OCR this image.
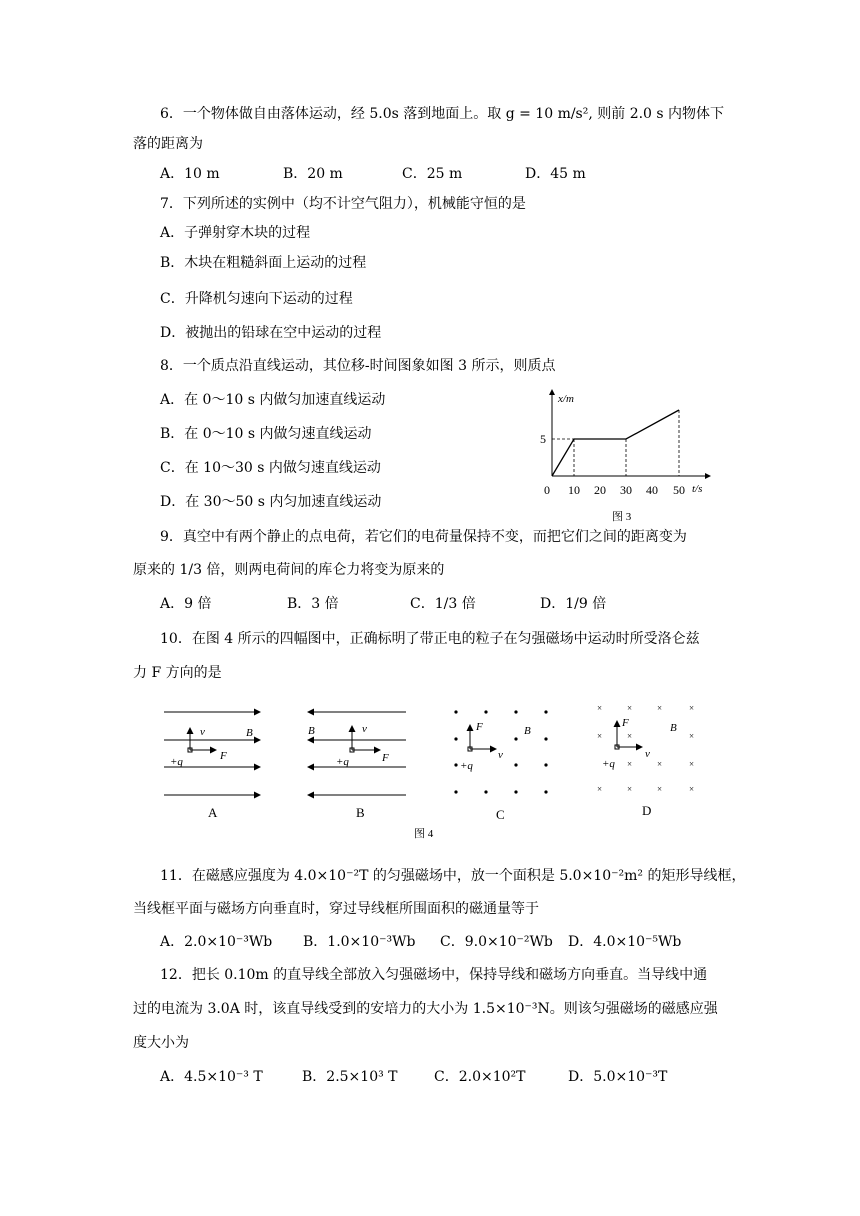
6．一个物体做自由落体运动，经 5.0s 落到地面上。取 g = 10 m/s², 则前 2.0 s 内物体下
落的距离为
A．10 m	B．20 m	C．25 m	D．45 m
7．下列所述的实例中（均不计空气阻力），机械能守恒的是
A．子弹射穿木块的过程
B．木块在粗糙斜面上运动的过程
C．升降机匀速向下运动的过程
D．被抛出的铅球在空中运动的过程
8．一个质点沿直线运动，其位移-时间图象如图 3 所示，则质点
A．在 0～10 s 内做匀加速直线运动
B．在 0～10 s 内做匀速直线运动
C．在 10～30 s 内做匀速直线运动
D．在 30～50 s 内匀加速直线运动
x/m
t/s
5
0 10 20 30 40 50
图 3
9．真空中有两个静止的点电荷，若它们的电荷量保持不变，而把它们之间的距离变为
原来的 1/3 倍，则两电荷间的库仑力将变为原来的
A．9 倍	B．3 倍	C．1/3 倍	D．1/9 倍
10．在图 4 所示的四幅图中，正确标明了带正电的粒子在匀强磁场中运动时所受洛仑兹
力 F 方向的是
v	B
F
+q
A
v
B
F
+q
B
F	B
v
+q
C
×	×	×	×
×	×	×
×	×	×
×	×	×	×
F	B
v
+q
D
图 4
11．在磁感应强度为 4.0×10⁻²T 的匀强磁场中，放一个面积是 5.0×10⁻²m² 的矩形导线框，
当线框平面与磁场方向垂直时，穿过导线框所围面积的磁通量等于
A．2.0×10⁻³Wb B．1.0×10⁻³Wb C．9.0×10⁻²Wb D．4.0×10⁻⁵Wb
12．把长 0.10m 的直导线全部放入匀强磁场中，保持导线和磁场方向垂直。当导线中通
过的电流为 3.0A 时，该直导线受到的安培力的大小为 1.5×10⁻³N。则该匀强磁场的磁感应强
度大小为
A．4.5×10⁻³ T	B．2.5×10³ T	C．2.0×10²T	D．5.0×10⁻³T
